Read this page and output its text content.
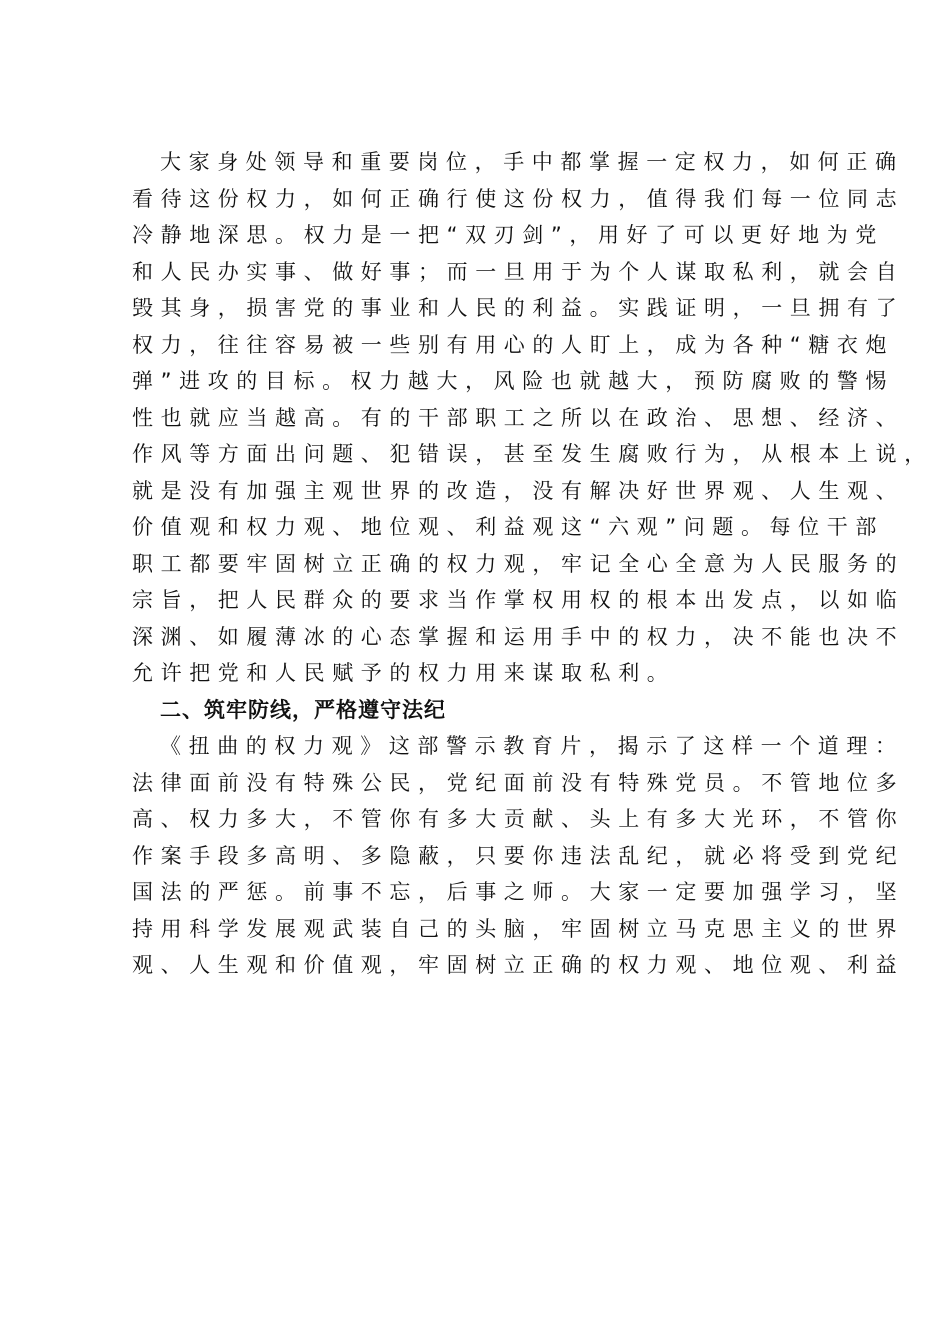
大家身处领导和重要岗位，手中都掌握一定权力，如何正确
看待这份权力，如何正确行使这份权力，值得我们每一位同志
冷静地深思。权力是一把“双刃剑”，用好了可以更好地为党
和人民办实事、做好事；而一旦用于为个人谋取私利，就会自
毁其身，损害党的事业和人民的利益。实践证明，一旦拥有了
权力，往往容易被一些别有用心的人盯上，成为各种“糖衣炮
弹”进攻的目标。权力越大，风险也就越大，预防腐败的警惕
性也就应当越高。有的干部职工之所以在政治、思想、经济、
作风等方面出问题、犯错误，甚至发生腐败行为，从根本上说，
就是没有加强主观世界的改造，没有解决好世界观、人生观、
价值观和权力观、地位观、利益观这“六观”问题。每位干部
职工都要牢固树立正确的权力观，牢记全心全意为人民服务的
宗旨，把人民群众的要求当作掌权用权的根本出发点，以如临
深渊、如履薄冰的心态掌握和运用手中的权力，决不能也决不
允许把党和人民赋予的权力用来谋取私利。
二、筑牢防线，严格遵守法纪
《扭曲的权力观》这部警示教育片，揭示了这样一个道理：
法律面前没有特殊公民，党纪面前没有特殊党员。不管地位多
高、权力多大，不管你有多大贡献、头上有多大光环，不管你
作案手段多高明、多隐蔽，只要你违法乱纪，就必将受到党纪
国法的严惩。前事不忘，后事之师。大家一定要加强学习，坚
持用科学发展观武装自己的头脑，牢固树立马克思主义的世界
观、人生观和价值观，牢固树立正确的权力观、地位观、利益
